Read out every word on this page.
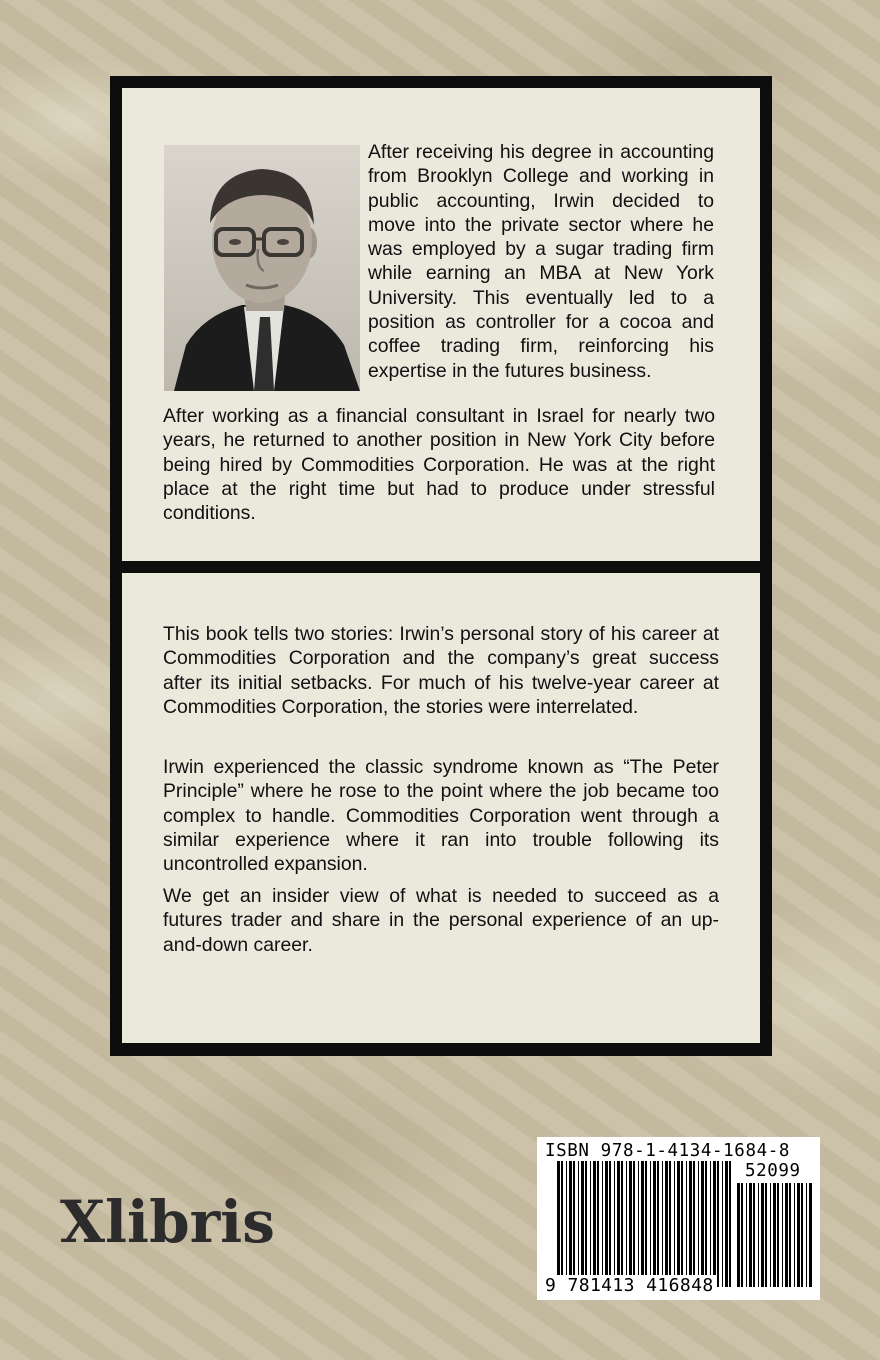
After receiving his degree in accounting from Brooklyn College and working in public accounting, Irwin decided to move into the private sector where he was employed by a sugar trading firm while earning an MBA at New York University. This eventually led to a position as controller for a cocoa and coffee trading firm, reinforcing his expertise in the futures business.

After working as a financial consultant in Israel for nearly two years, he returned to another position in New York City before being hired by Commodities Corporation. He was at the right place at the right time but had to produce under stressful conditions.

This book tells two stories: Irwin’s personal story of his career at Commodities Corporation and the company’s great success after its initial setbacks. For much of his twelve-year career at Commodities Corporation, the stories were interrelated.

Irwin experienced the classic syndrome known as “The Peter Principle” where he rose to the point where the job became too complex to handle. Commodities Corporation went through a similar experience where it ran into trouble following its uncontrolled expansion.

We get an insider view of what is needed to succeed as a futures trader and share in the personal experience of an up-and-down career.

Xlibris

ISBN 978-1-4134-1684-8

52099

9 781413 416848
